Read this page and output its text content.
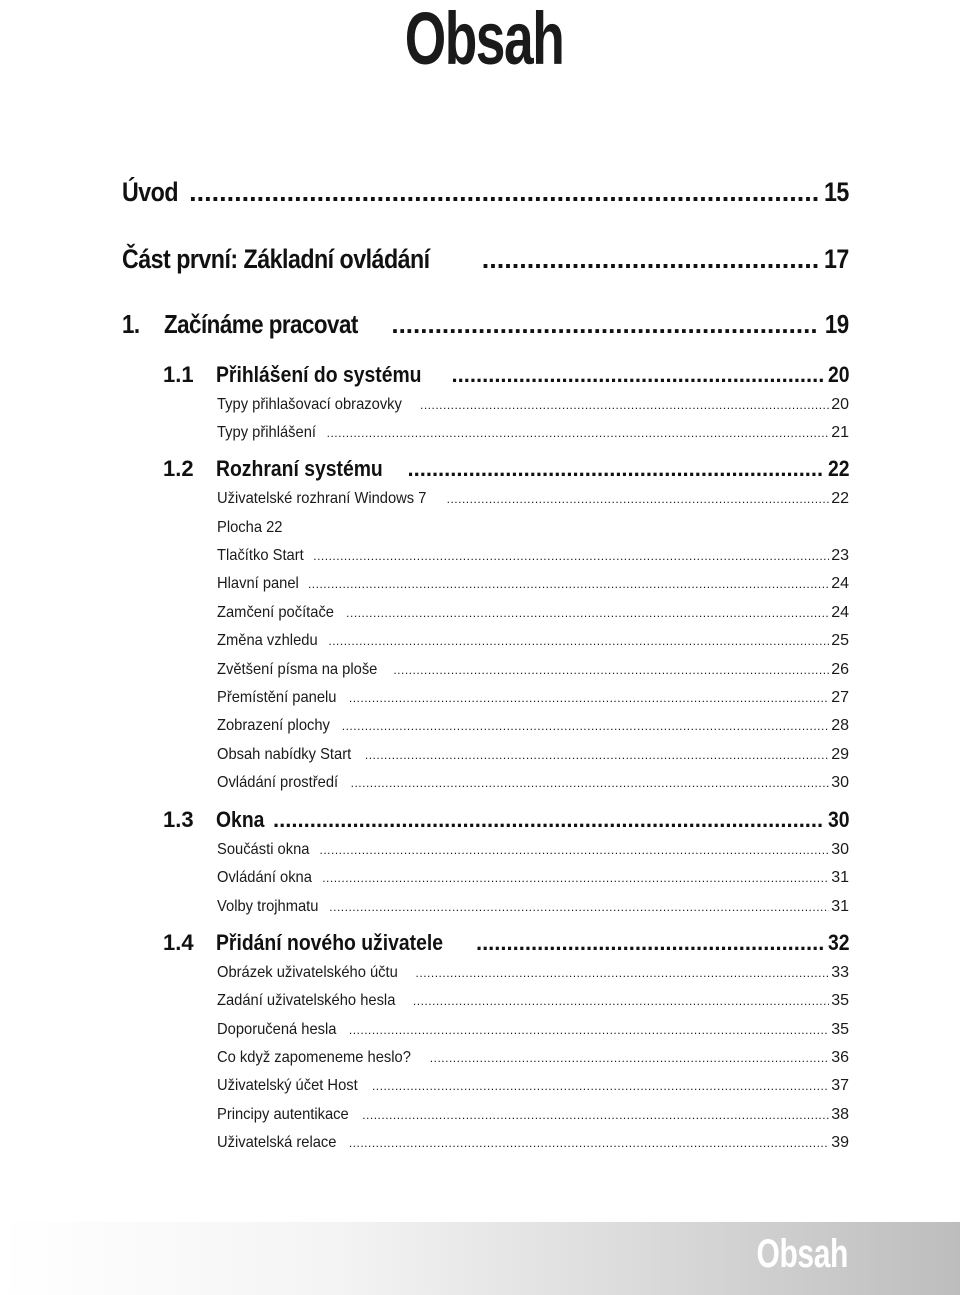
Obsah
Úvod .....	15
Část první: Základní ovládání .....	17
1. Začínáme pracovat .....	19
1.1	Přihlášení do systému .....	20
Typy přihlašovací obrazovky .....	20
Typy přihlášení .....	21
1.2	Rozhraní systému .....	22
Uživatelské rozhraní Windows 7 .....	22
Plocha 22
Tlačítko Start .....	23
Hlavní panel .....	24
Zamčení počítače .....	24
Změna vzhledu .....	25
Zvětšení písma na ploše .....	26
Přemístění panelu .....	27
Zobrazení plochy .....	28
Obsah nabídky Start .....	29
Ovládání prostředí .....	30
1.3	Okna .....	30
Součásti okna .....	30
Ovládání okna .....	31
Volby trojhmatu .....	31
1.4	Přidání nového uživatele .....	32
Obrázek uživatelského účtu .....	33
Zadání uživatelského hesla .....	35
Doporučená hesla .....	35
Co když zapomeneme heslo? .....	36
Uživatelský účet Host .....	37
Principy autentikace .....	38
Uživatelská relace .....	39
Obsah
